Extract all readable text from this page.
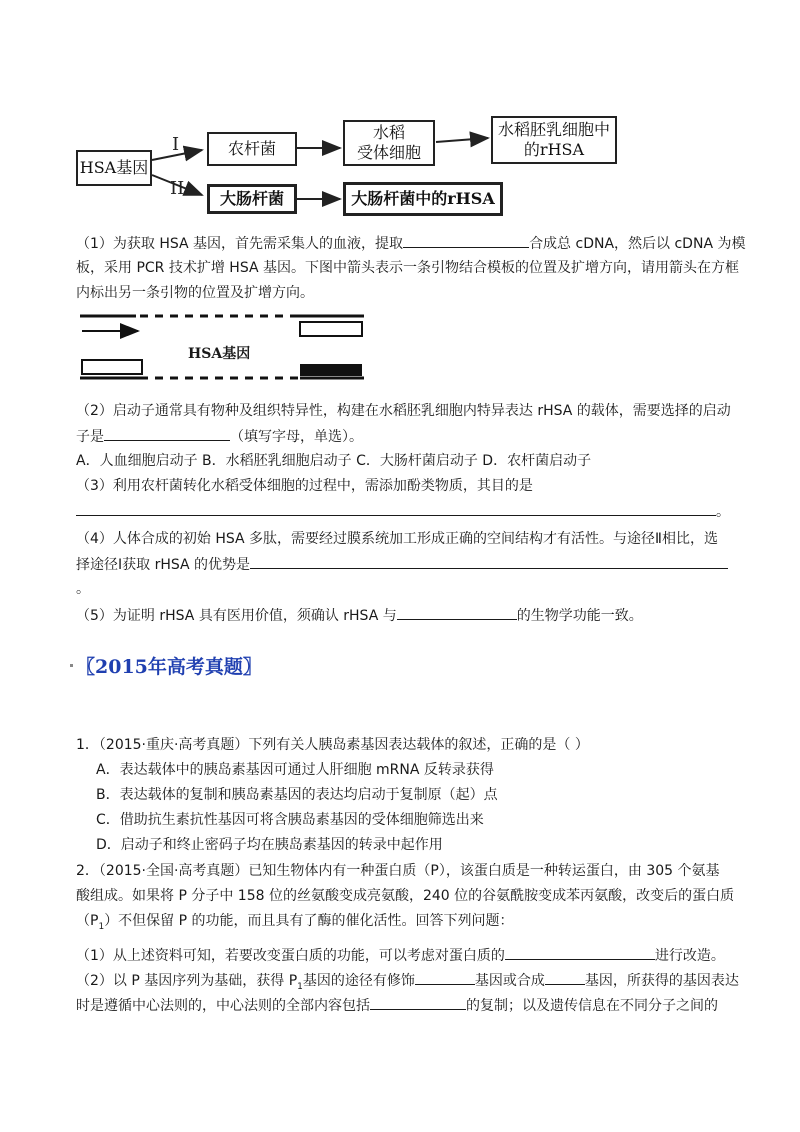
HSA基因
I
II
农杆菌
水稻
受体细胞
水稻胚乳细胞中
的rHSA
大肠杆菌	大肠杆菌中的rHSA
（1）为获取 HSA 基因，首先需采集人的血液，提取	合成总 cDNA，然后以 cDNA 为模
板，采用 PCR 技术扩增 HSA 基因。下图中箭头表示一条引物结合模板的位置及扩增方向，请用箭头在方框
内标出另一条引物的位置及扩增方向。
HSA基因
（2）启动子通常具有物种及组织特异性，构建在水稻胚乳细胞内特异表达 rHSA 的载体，需要选择的启动
子是	（填写字母，单选）。
A．人血细胞启动子 B．水稻胚乳细胞启动子 C．大肠杆菌启动子 D．农杆菌启动子
（3）利用农杆菌转化水稻受体细胞的过程中，需添加酚类物质，其目的是
。
（4）人体合成的初始 HSA 多肽，需要经过膜系统加工形成正确的空间结构才有活性。与途径Ⅱ相比，选
择途径Ⅰ获取 rHSA 的优势是
。
（5）为证明 rHSA 具有医用价值，须确认 rHSA 与	的生物学功能一致。
〖2015年高考真题〗
1．（2015·重庆·高考真题）下列有关人胰岛素基因表达载体的叙述，正确的是（ ）
A．表达载体中的胰岛素基因可通过人肝细胞 mRNA 反转录获得
B．表达载体的复制和胰岛素基因的表达均启动于复制原（起）点
C．借助抗生素抗性基因可将含胰岛素基因的受体细胞筛选出来
D．启动子和终止密码子均在胰岛素基因的转录中起作用
2．（2015·全国·高考真题）已知生物体内有一种蛋白质（P），该蛋白质是一种转运蛋白，由 305 个氨基
酸组成。如果将 P 分子中 158 位的丝氨酸变成亮氨酸，240 位的谷氨酰胺变成苯丙氨酸，改变后的蛋白质
$(P_1)$不但保留 P 的功能，而且具有了酶的催化活性。回答下列问题：
（1）从上述资料可知，若要改变蛋白质的功能，可以考虑对蛋白质的	进行改造。
（2）以 P 基因序列为基础，获得 $P_1$基因的途径有修饰	基因或合成	基因，所获得的基因表达
时是遵循中心法则的，中心法则的全部内容包括	的复制；以及遗传信息在不同分子之间的
